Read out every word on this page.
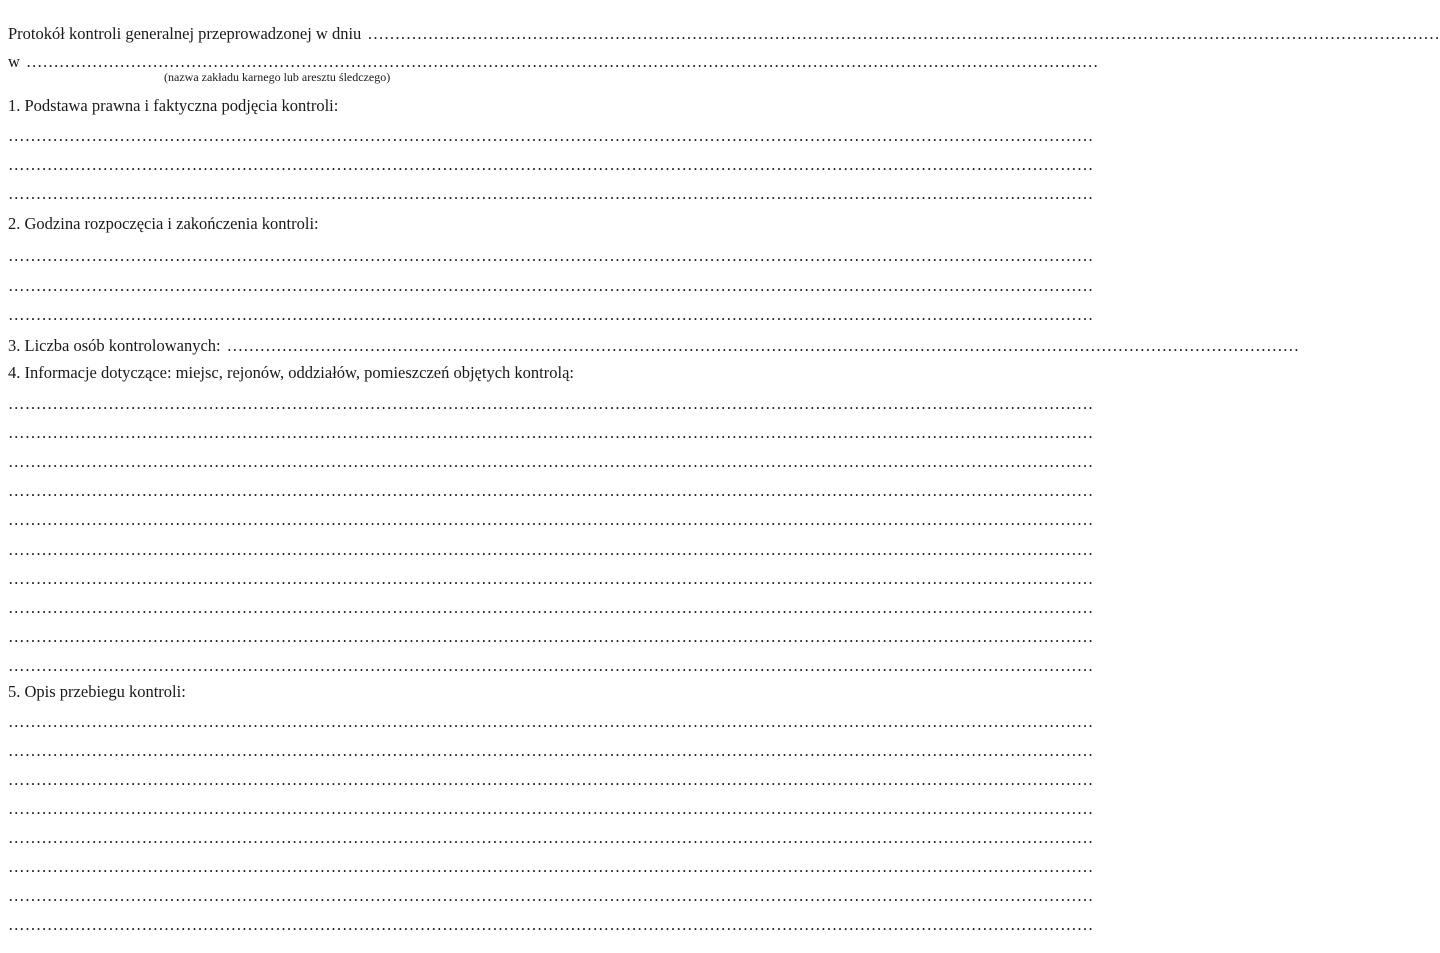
Protokół kontroli generalnej przeprowadzonej w dniu ……………………………………………………………………………………………………………………………………………………………………………
w ……………………………………………………………………………………………………………………………………………………………………………
(nazwa zakładu karnego lub aresztu śledczego)
1. Podstawa prawna i faktyczna podjęcia kontroli:
……………………………………………………………………………………………………………………………………………………………………………
……………………………………………………………………………………………………………………………………………………………………………
……………………………………………………………………………………………………………………………………………………………………………
2. Godzina rozpoczęcia i zakończenia kontroli:
……………………………………………………………………………………………………………………………………………………………………………
……………………………………………………………………………………………………………………………………………………………………………
……………………………………………………………………………………………………………………………………………………………………………
3. Liczba osób kontrolowanych: ……………………………………………………………………………………………………………………………………………………………………………
4. Informacje dotyczące: miejsc, rejonów, oddziałów, pomieszczeń objętych kontrolą:
……………………………………………………………………………………………………………………………………………………………………………
……………………………………………………………………………………………………………………………………………………………………………
……………………………………………………………………………………………………………………………………………………………………………
……………………………………………………………………………………………………………………………………………………………………………
……………………………………………………………………………………………………………………………………………………………………………
……………………………………………………………………………………………………………………………………………………………………………
……………………………………………………………………………………………………………………………………………………………………………
……………………………………………………………………………………………………………………………………………………………………………
……………………………………………………………………………………………………………………………………………………………………………
……………………………………………………………………………………………………………………………………………………………………………
5. Opis przebiegu kontroli:
……………………………………………………………………………………………………………………………………………………………………………
……………………………………………………………………………………………………………………………………………………………………………
……………………………………………………………………………………………………………………………………………………………………………
……………………………………………………………………………………………………………………………………………………………………………
……………………………………………………………………………………………………………………………………………………………………………
……………………………………………………………………………………………………………………………………………………………………………
……………………………………………………………………………………………………………………………………………………………………………
……………………………………………………………………………………………………………………………………………………………………………
